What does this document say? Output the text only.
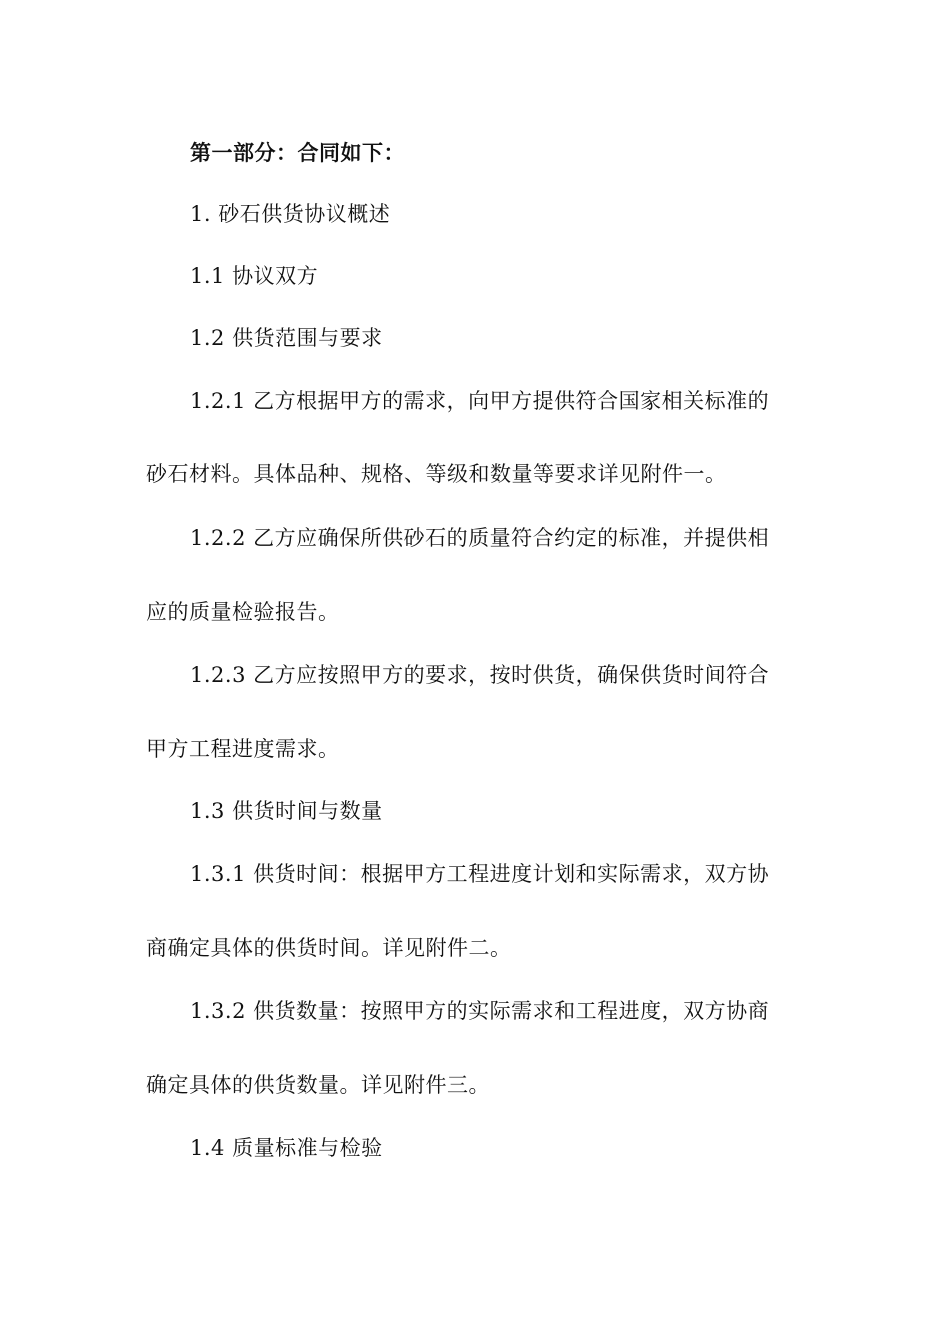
第一部分：合同如下：
1. 砂石供货协议概述
1.1 协议双方
1.2 供货范围与要求
1.2.1 乙方根据甲方的需求，向甲方提供符合国家相关标准的
砂石材料。具体品种、规格、等级和数量等要求详见附件一。
1.2.2 乙方应确保所供砂石的质量符合约定的标准，并提供相
应的质量检验报告。
1.2.3 乙方应按照甲方的要求，按时供货，确保供货时间符合
甲方工程进度需求。
1.3 供货时间与数量
1.3.1 供货时间：根据甲方工程进度计划和实际需求，双方协
商确定具体的供货时间。详见附件二。
1.3.2 供货数量：按照甲方的实际需求和工程进度，双方协商
确定具体的供货数量。详见附件三。
1.4 质量标准与检验
